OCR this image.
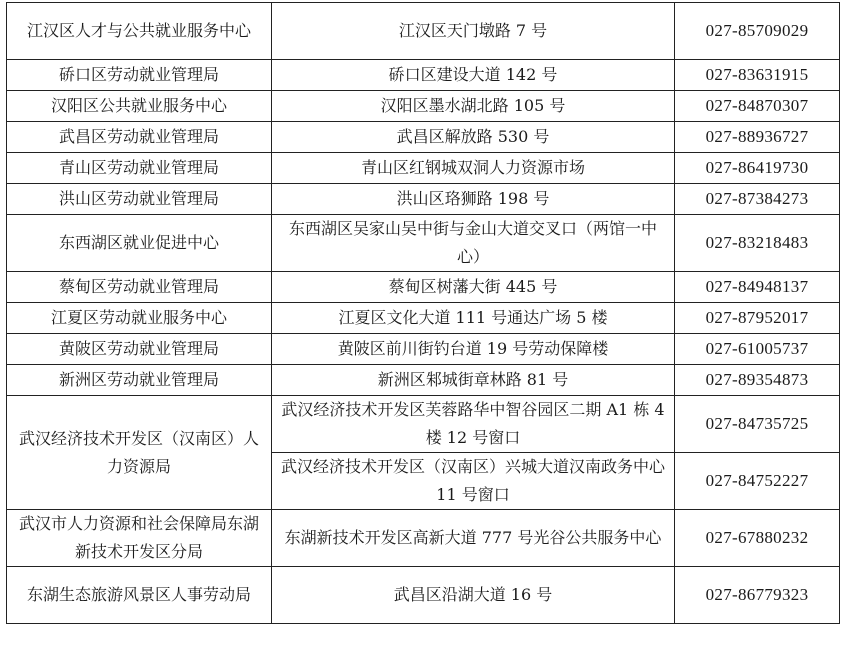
江汉区人才与公共就业服务中心	江汉区天门墩路 7 号	027-85709029
硚口区劳动就业管理局	硚口区建设大道 142 号	027-83631915
汉阳区公共就业服务中心	汉阳区墨水湖北路 105 号	027-84870307
武昌区劳动就业管理局	武昌区解放路 530 号	027-88936727
青山区劳动就业管理局	青山区红钢城双洞人力资源市场	027-86419730
洪山区劳动就业管理局	洪山区珞狮路 198 号	027-87384273
东西湖区就业促进中心	东西湖区吴家山吴中街与金山大道交叉口（两馆一中心）	027-83218483
蔡甸区劳动就业管理局	蔡甸区树藩大街 445 号	027-84948137
江夏区劳动就业服务中心	江夏区文化大道 111 号通达广场 5 楼	027-87952017
黄陂区劳动就业管理局	黄陂区前川街钓台道 19 号劳动保障楼	027-61005737
新洲区劳动就业管理局	新洲区邾城街章林路 81 号	027-89354873
武汉经济技术开发区（汉南区）人力资源局	武汉经济技术开发区芙蓉路华中智谷园区二期 A1 栋 4 楼 12 号窗口	027-84735725
	武汉经济技术开发区（汉南区）兴城大道汉南政务中心 11 号窗口	027-84752227
武汉市人力资源和社会保障局东湖新技术开发区分局	东湖新技术开发区高新大道 777 号光谷公共服务中心	027-67880232
东湖生态旅游风景区人事劳动局	武昌区沿湖大道 16 号	027-86779323
